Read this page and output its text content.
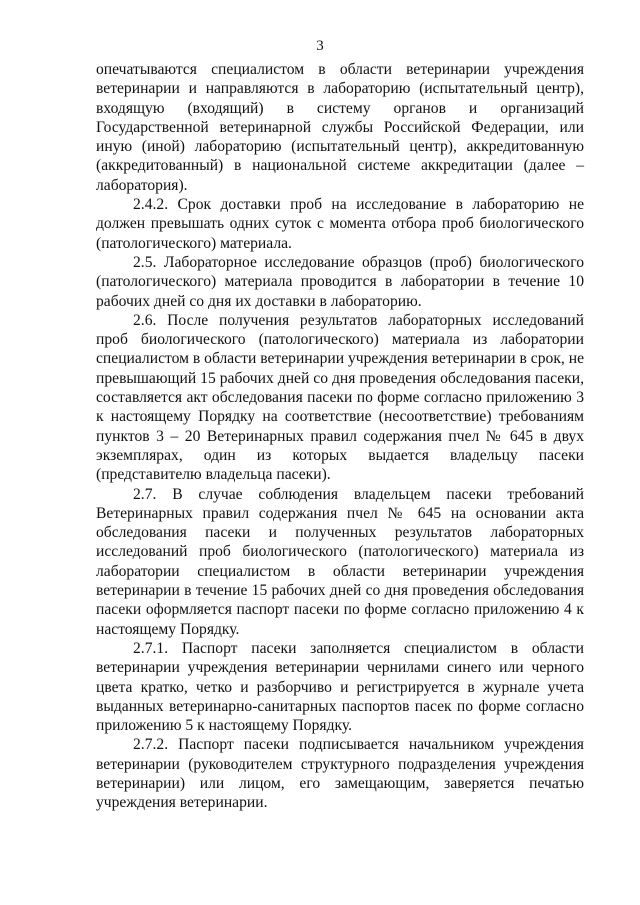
3

опечатываются специалистом в области ветеринарии учреждения ветеринарии и направляются в лабораторию (испытательный центр), входящую (входящий) в систему органов и организаций Государственной ветеринарной службы Российской Федерации, или иную (иной) лабораторию (испытательный центр), аккредитованную (аккредитованный) в национальной системе аккредитации (далее – лаборатория).

2.4.2. Срок доставки проб на исследование в лабораторию не должен превышать одних суток с момента отбора проб биологического (патологического) материала.

2.5. Лабораторное исследование образцов (проб) биологического (патологического) материала проводится в лаборатории в течение 10 рабочих дней со дня их доставки в лабораторию.

2.6. После получения результатов лабораторных исследований проб биологического (патологического) материала из лаборатории специалистом в области ветеринарии учреждения ветеринарии в срок, не превышающий 15 рабочих дней со дня проведения обследования пасеки, составляется акт обследования пасеки по форме согласно приложению 3 к настоящему Порядку на соответствие (несоответствие) требованиям пунктов 3 – 20 Ветеринарных правил содержания пчел № 645 в двух экземплярах, один из которых выдается владельцу пасеки (представителю владельца пасеки).

2.7. В случае соблюдения владельцем пасеки требований Ветеринарных правил содержания пчел № 645 на основании акта обследования пасеки и полученных результатов лабораторных исследований проб биологического (патологического) материала из лаборатории специалистом в области ветеринарии учреждения ветеринарии в течение 15 рабочих дней со дня проведения обследования пасеки оформляется паспорт пасеки по форме согласно приложению 4 к настоящему Порядку.

2.7.1. Паспорт пасеки заполняется специалистом в области ветеринарии учреждения ветеринарии чернилами синего или черного цвета кратко, четко и разборчиво и регистрируется в журнале учета выданных ветеринарно-санитарных паспортов пасек по форме согласно приложению 5 к настоящему Порядку.

2.7.2. Паспорт пасеки подписывается начальником учреждения ветеринарии (руководителем структурного подразделения учреждения ветеринарии) или лицом, его замещающим, заверяется печатью учреждения ветеринарии.
